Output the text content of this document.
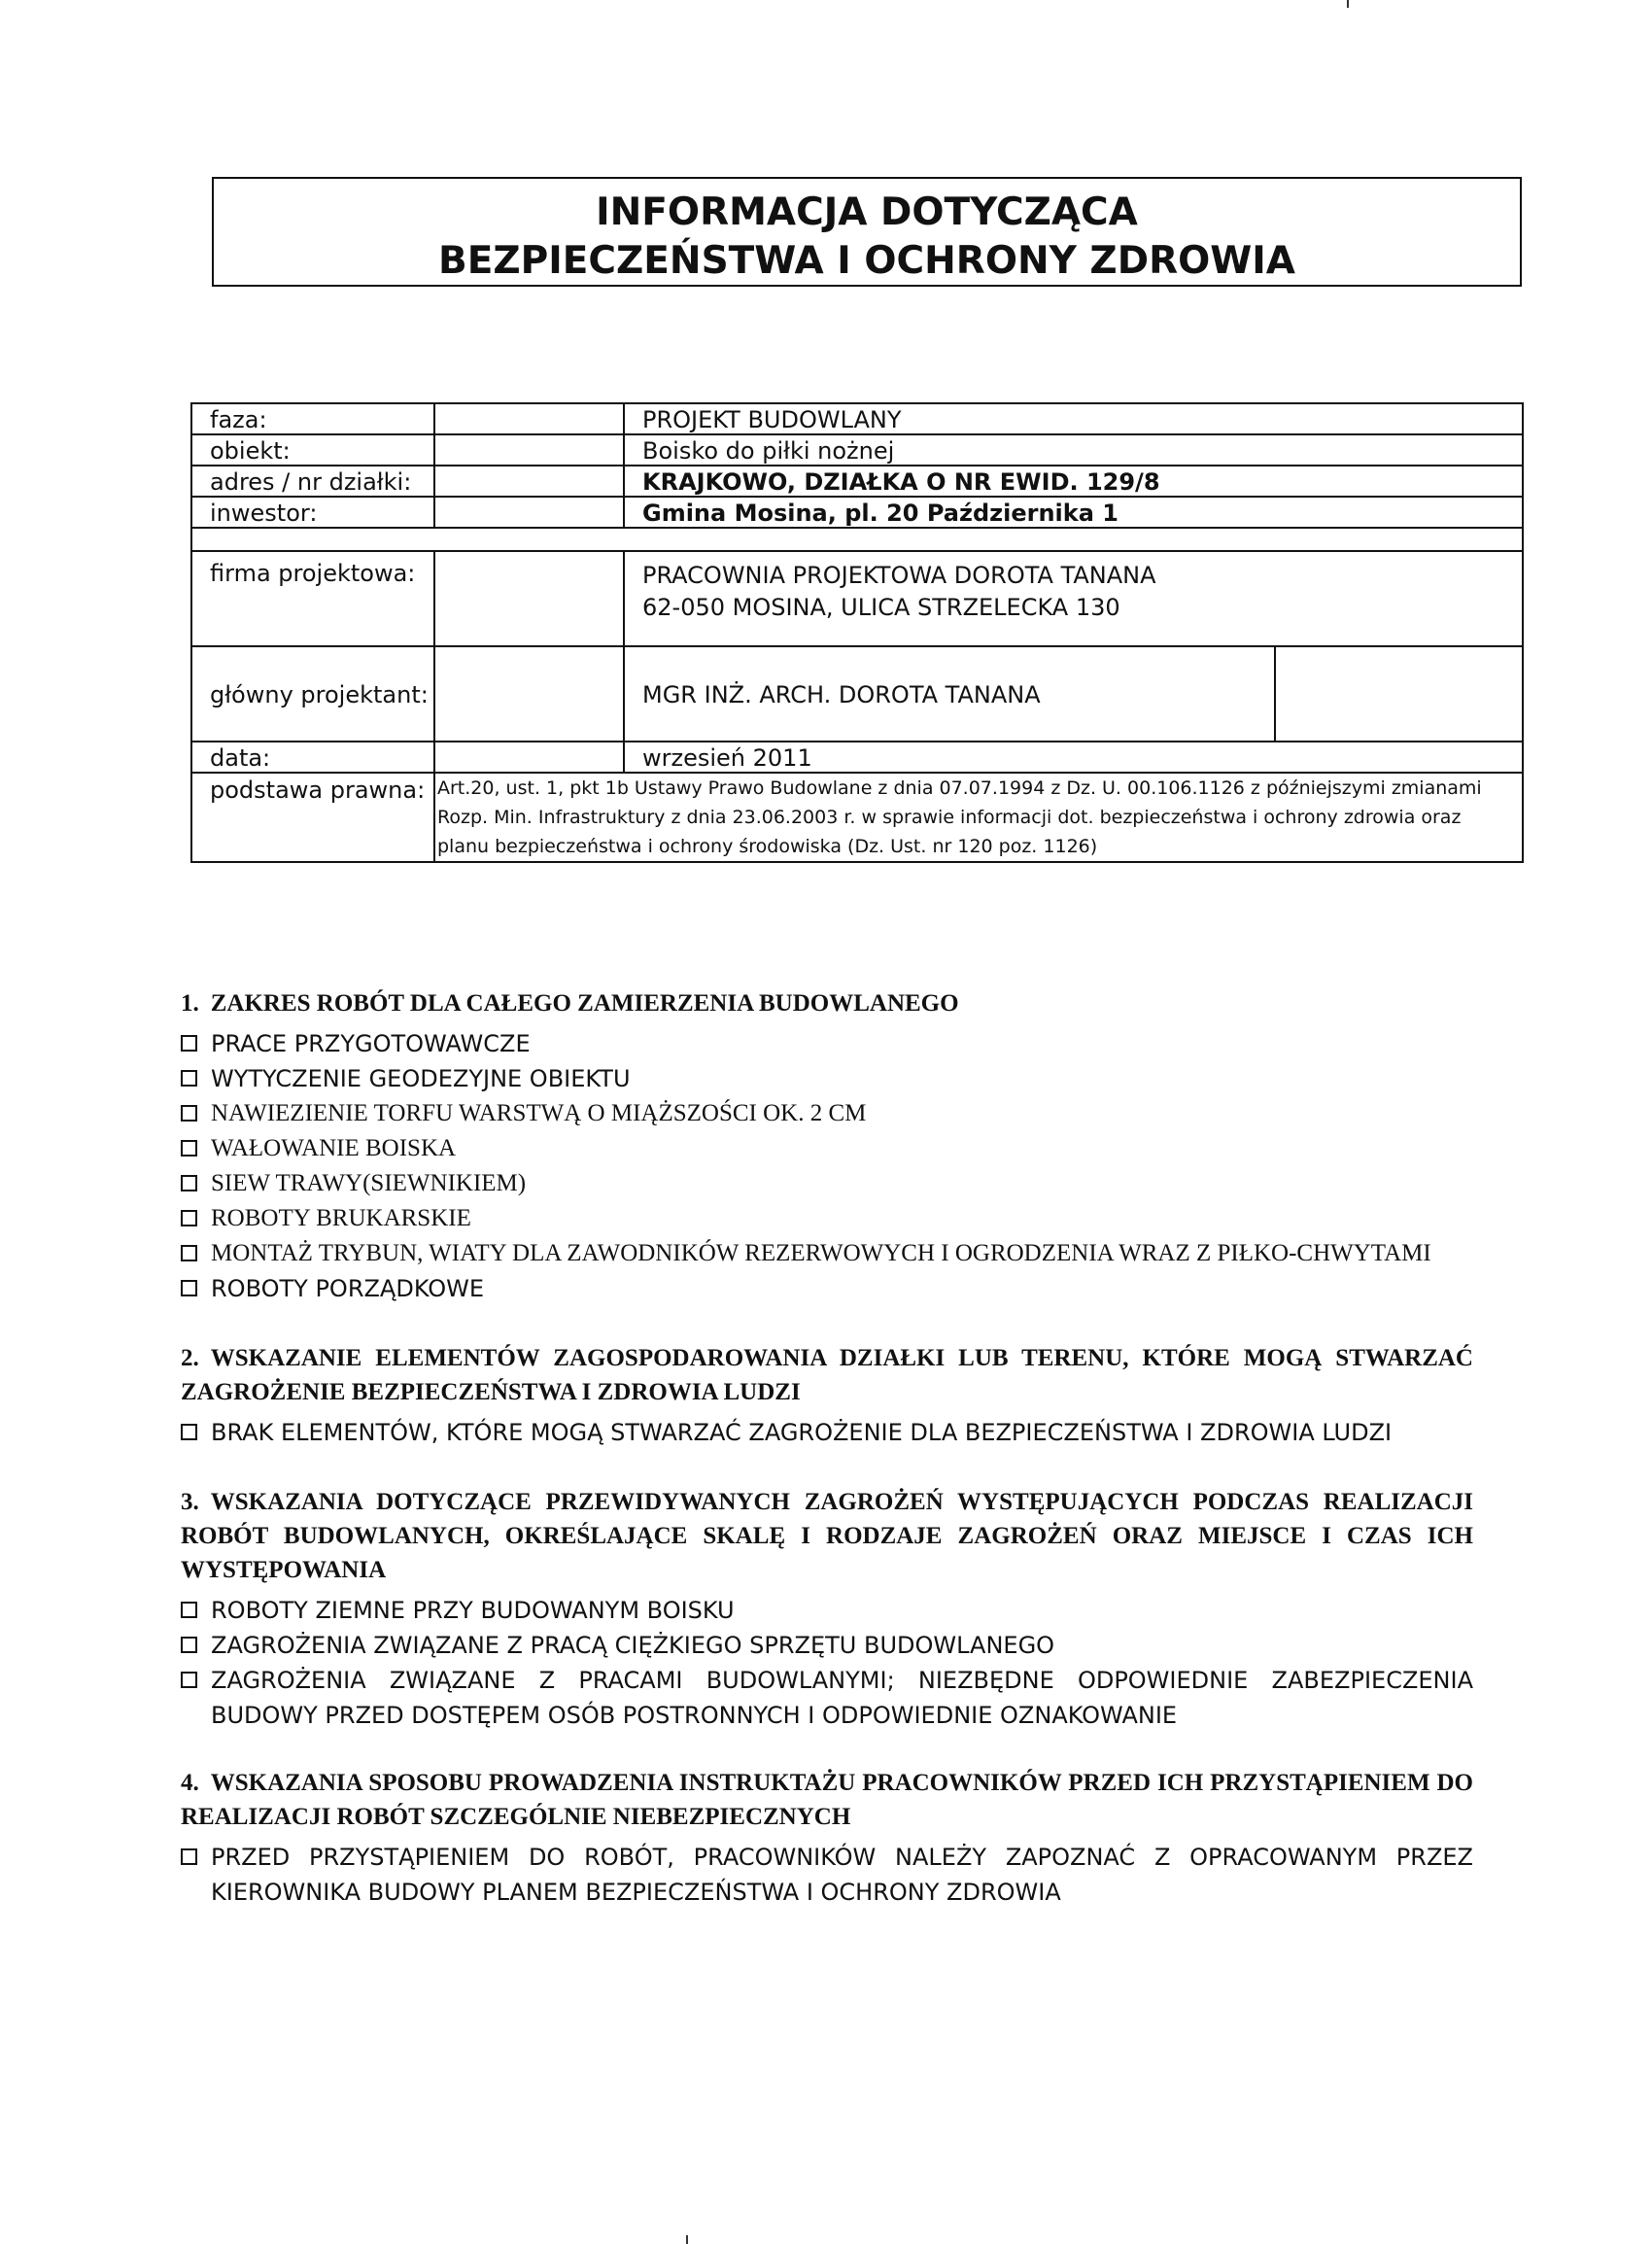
INFORMACJA DOTYCZĄCA
BEZPIECZEŃSTWA I OCHRONY ZDROWIA
faza:	PROJEKT BUDOWLANY
obiekt:	Boisko do piłki nożnej
adres / nr działki:	KRAJKOWO, DZIAŁKA O NR EWID. 129/8
inwestor:	Gmina Mosina, pl. 20 Października 1
firma projektowa:	PRACOWNIA PROJEKTOWA DOROTA TANANA
62-050 MOSINA, ULICA STRZELECKA 130
główny projektant:	MGR INŻ. ARCH. DOROTA TANANA
data:	wrzesień 2011
podstawa prawna: Art.20, ust. 1, pkt 1b Ustawy Prawo Budowlane z dnia 07.07.1994 z Dz. U. 00.106.1126 z późniejszymi zmianami
Rozp. Min. Infrastruktury z dnia 23.06.2003 r. w sprawie informacji dot. bezpieczeństwa i ochrony zdrowia oraz
planu bezpieczeństwa i ochrony środowiska (Dz. Ust. nr 120 poz. 1126)
1. ZAKRES ROBÓT DLA CAŁEGO ZAMIERZENIA BUDOWLANEGO
PRACE PRZYGOTOWAWCZE
WYTYCZENIE GEODEZYJNE OBIEKTU
NAWIEZIENIE TORFU WARSTWĄ O MIĄŻSZOŚCI OK. 2 CM
WAŁOWANIE BOISKA
SIEW TRAWY(SIEWNIKIEM)
ROBOTY BRUKARSKIE
MONTAŻ TRYBUN, WIATY DLA ZAWODNIKÓW REZERWOWYCH I OGRODZENIA WRAZ Z PIŁKO-CHWYTAMI
ROBOTY PORZĄDKOWE
2. WSKAZANIE ELEMENTÓW ZAGOSPODAROWANIA DZIAŁKI LUB TERENU, KTÓRE MOGĄ STWARZAĆ ZAGROŻENIE BEZPIECZEŃSTWA I ZDROWIA LUDZI
BRAK ELEMENTÓW, KTÓRE MOGĄ STWARZAĆ ZAGROŻENIE DLA BEZPIECZEŃSTWA I ZDROWIA LUDZI
3. WSKAZANIA DOTYCZĄCE PRZEWIDYWANYCH ZAGROŻEŃ WYSTĘPUJĄCYCH PODCZAS REALIZACJI ROBÓT BUDOWLANYCH, OKREŚLAJĄCE SKALĘ I RODZAJE ZAGROŻEŃ ORAZ MIEJSCE I CZAS ICH WYSTĘPOWANIA
ROBOTY ZIEMNE PRZY BUDOWANYM BOISKU
ZAGROŻENIA ZWIĄZANE Z PRACĄ CIĘŻKIEGO SPRZĘTU BUDOWLANEGO
ZAGROŻENIA ZWIĄZANE Z PRACAMI BUDOWLANYMI; NIEZBĘDNE ODPOWIEDNIE ZABEZPIECZENIA BUDOWY PRZED DOSTĘPEM OSÓB POSTRONNYCH I ODPOWIEDNIE OZNAKOWANIE
4. WSKAZANIA SPOSOBU PROWADZENIA INSTRUKTAŻU PRACOWNIKÓW PRZED ICH PRZYSTĄPIENIEM DO REALIZACJI ROBÓT SZCZEGÓLNIE NIEBEZPIECZNYCH
PRZED PRZYSTĄPIENIEM DO ROBÓT, PRACOWNIKÓW NALEŻY ZAPOZNAĆ Z OPRACOWANYM PRZEZ KIEROWNIKA BUDOWY PLANEM BEZPIECZEŃSTWA I OCHRONY ZDROWIA
